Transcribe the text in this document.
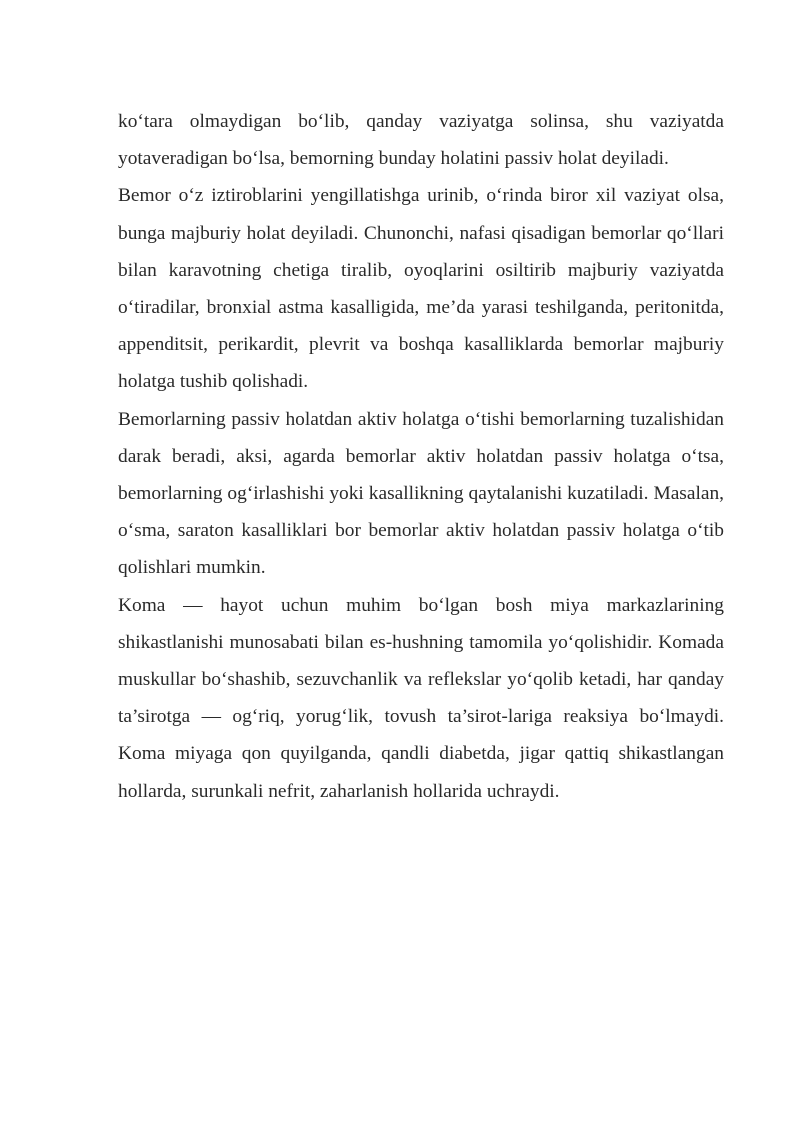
ko‘tara olmaydigan bo‘lib, qanday vaziyatga solinsa, shu vaziyatda yotaveradigan bo‘lsa, bemorning bunday holatini passiv holat deyiladi.

Bemor o‘z iztiroblarini yengillatishga urinib, o‘rinda biror xil vaziyat olsa, bunga majburiy holat deyiladi. Chunonchi, nafasi qisadigan bemorlar qo‘llari bilan karavotning chetiga tiralib, oyoqlarini osiltirib majburiy vaziyatda o‘tiradilar, bronxial astma kasalligida, me’da yarasi teshilganda, peritonitda, appenditsit, perikardit, plevrit va boshqa kasalliklarda bemorlar majburiy holatga tushib qolishadi.

Bemorlarning passiv holatdan aktiv holatga o‘tishi bemorlarning tuzalishidan darak beradi, aksi, agarda bemorlar aktiv holatdan passiv holatga o‘tsa, bemorlarning og‘irlashishi yoki kasallikning qaytalanishi kuzatiladi. Masalan, o‘sma, saraton kasalliklari bor bemorlar aktiv holatdan passiv holatga o‘tib qolishlari mumkin.

Koma — hayot uchun muhim bo‘lgan bosh miya markazlarining shikastlanishi munosabati bilan es-hushning tamomila yo‘qolishidir. Komada muskullar bo‘shashib, sezuvchanlik va reflekslar yo‘qolib ketadi, har qanday ta’sirotga — og‘riq, yorug‘lik, tovush ta’sirot-lariga reaksiya bo‘lmaydi. Koma miyaga qon quyilganda, qandli diabetda, jigar qattiq shikastlangan hollarda, surunkali nefrit, zaharlanish hollarida uchraydi.
